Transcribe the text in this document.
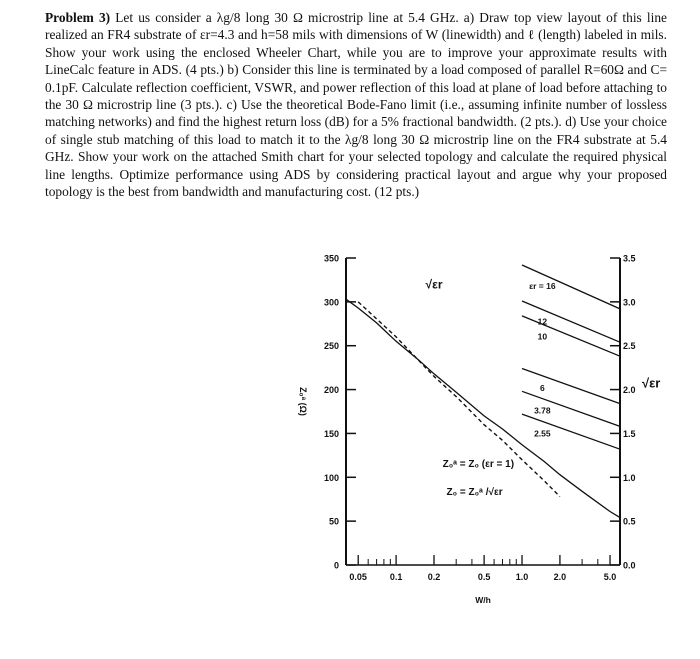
Problem 3) Let us consider a λg/8 long 30 Ω microstrip line at 5.4 GHz. a) Draw top view layout of this line realized an FR4 substrate of εr=4.3 and h=58 mils with dimensions of W (linewidth) and ℓ (length) labeled in mils. Show your work using the enclosed Wheeler Chart, while you are to improve your approximate results with LineCalc feature in ADS. (4 pts.) b) Consider this line is terminated by a load composed of parallel R=60Ω and C= 0.1pF. Calculate reflection coefficient, VSWR, and power reflection of this load at plane of load before attaching to the 30 Ω microstrip line (3 pts.). c) Use the theoretical Bode-Fano limit (i.e., assuming infinite number of lossless matching networks) and find the highest return loss (dB) for a 5% fractional bandwidth. (2 pts.). d) Use your choice of single stub matching of this load to match it to the λg/8 long 30 Ω microstrip line on the FR4 substrate at 5.4 GHz. Show your work on the attached Smith chart for your selected topology and calculate the required physical line lengths. Optimize performance using ADS by considering practical layout and argue why your proposed topology is the best from bandwidth and manufacturing cost. (12 pts.)

0
50
100
150
200
250
300
350
0.0
0.5
1.0
1.5
2.0
2.5
3.0
3.5
0.05	0.1	0.2	0.5	1.0	2.0	5.0
W/h
Z₀ᵃ (Ω)
√εr
εr = 16
12
10
6
3.78
2.55
√εr
Z₀ᵃ = Z₀ (εr = 1)
Z₀ = Z₀ᵃ /√εr
